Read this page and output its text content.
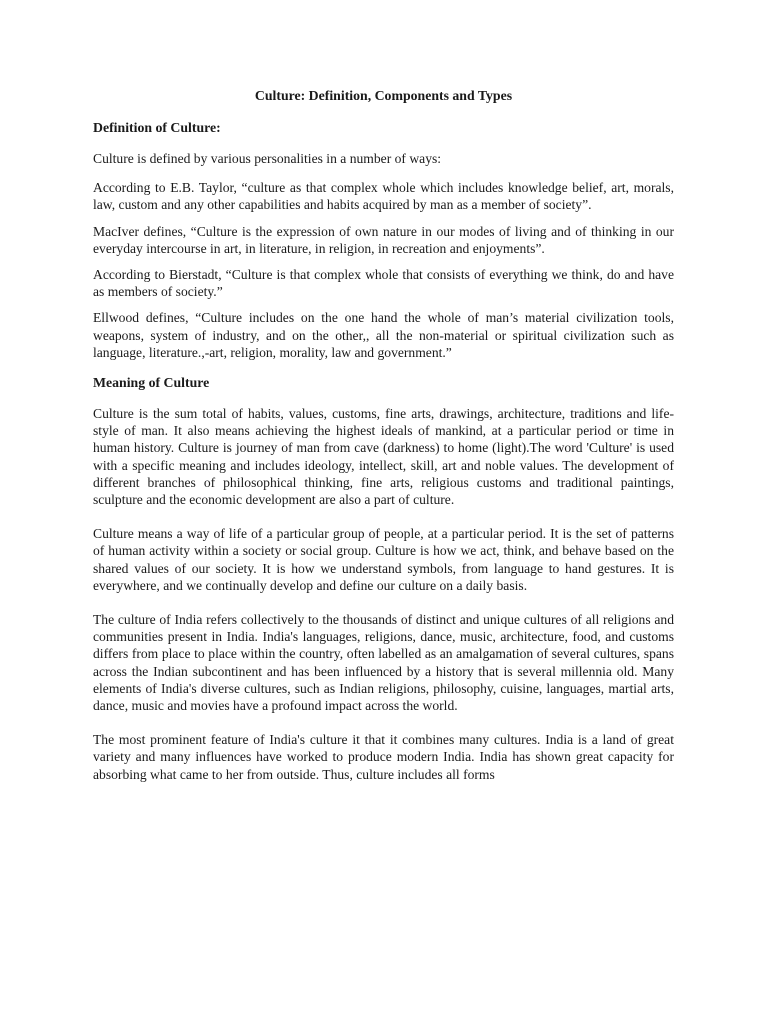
Culture: Definition, Components and Types

Definition of Culture:

Culture is defined by various personalities in a number of ways:

According to E.B. Taylor, “culture as that complex whole which includes knowledge belief, art, morals, law, custom and any other capabilities and habits acquired by man as a member of society”.

MacIver defines, “Culture is the expression of own nature in our modes of living and of thinking in our everyday intercourse in art, in literature, in religion, in recreation and enjoyments”.

According to Bierstadt, “Culture is that complex whole that consists of everything we think, do and have as members of society.”

Ellwood defines, “Culture includes on the one hand the whole of man’s material civilization tools, weapons, system of industry, and on the other,, all the non-material or spiritual civilization such as language, literature.,-art, religion, morality, law and government.”

Meaning of Culture

Culture is the sum total of habits, values, customs, fine arts, drawings, architecture, traditions and life-style of man. It also means achieving the highest ideals of mankind, at a particular period or time in human history. Culture is journey of man from cave (darkness) to home (light).The word 'Culture' is used with a specific meaning and includes ideology, intellect, skill, art and noble values. The development of different branches of philosophical thinking, fine arts, religious customs and traditional paintings, sculpture and the economic development are also a part of culture.

Culture means a way of life of a particular group of people, at a particular period. It is the set of patterns of human activity within a society or social group. Culture is how we act, think, and behave based on the shared values of our society. It is how we understand symbols, from language to hand gestures. It is everywhere, and we continually develop and define our culture on a daily basis.

The culture of India refers collectively to the thousands of distinct and unique cultures of all religions and communities present in India. India's languages, religions, dance, music, architecture, food, and customs differs from place to place within the country, often labelled as an amalgamation of several cultures, spans across the Indian subcontinent and has been influenced by a history that is several millennia old. Many elements of India's diverse cultures, such as Indian religions, philosophy, cuisine, languages, martial arts, dance, music and movies have a profound impact across the world.

The most prominent feature of India's culture it that it combines many cultures. India is a land of great variety and many influences have worked to produce modern India. India has shown great capacity for absorbing what came to her from outside. Thus, culture includes all forms
